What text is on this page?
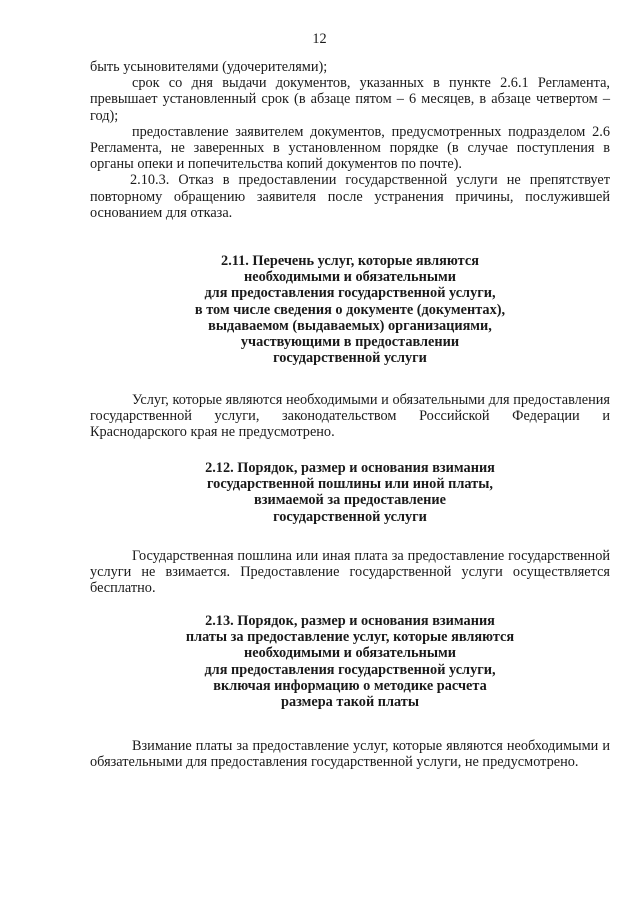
12

быть усыновителями (удочерителями);

срок со дня выдачи документов, указанных в пункте 2.6.1 Регламента, превышает установленный срок (в абзаце пятом – 6 месяцев, в абзаце четвертом – год);

предоставление заявителем документов, предусмотренных подразделом 2.6 Регламента, не заверенных в установленном порядке (в случае поступления в органы опеки и попечительства копий документов по почте).

2.10.3. Отказ в предоставлении государственной услуги не препятствует повторному обращению заявителя после устранения причины, послужившей основанием для отказа.

2.11. Перечень услуг, которые являются
необходимыми и обязательными
для предоставления государственной услуги,
в том числе сведения о документе (документах),
выдаваемом (выдаваемых) организациями,
участвующими в предоставлении
государственной услуги

Услуг, которые являются необходимыми и обязательными для предоставления государственной услуги, законодательством Российской Федерации и Краснодарского края не предусмотрено.

2.12. Порядок, размер и основания взимания
государственной пошлины или иной платы,
взимаемой за предоставление
государственной услуги

Государственная пошлина или иная плата за предоставление государственной услуги не взимается. Предоставление государственной услуги осуществляется бесплатно.

2.13. Порядок, размер и основания взимания
платы за предоставление услуг, которые являются
необходимыми и обязательными
для предоставления государственной услуги,
включая информацию о методике расчета
размера такой платы

Взимание платы за предоставление услуг, которые являются необходимыми и обязательными для предоставления государственной услуги, не предусмотрено.
